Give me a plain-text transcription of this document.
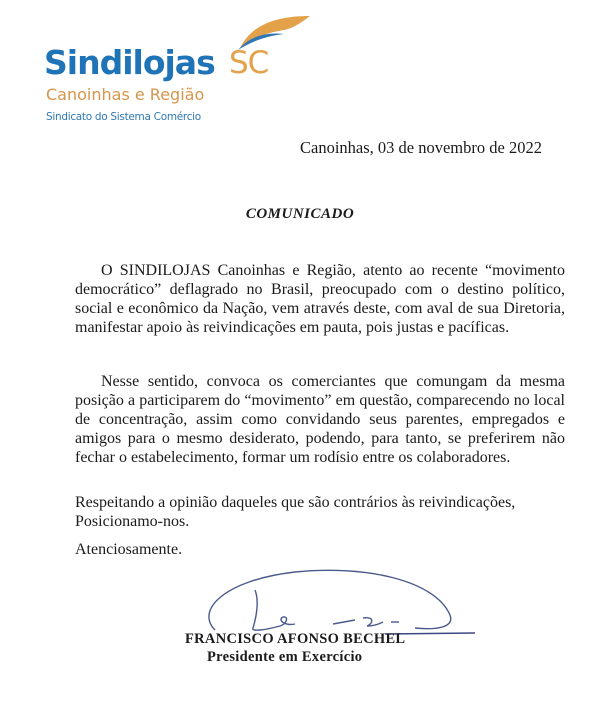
Sindilojas SC
Canoinhas e Região
Sindicato do Sistema Comércio
Canoinhas, 03 de novembro de 2022
COMUNICADO

O SINDILOJAS Canoinhas e Região, atento ao recente “movimento democrático” deflagrado no Brasil, preocupado com o destino político, social e econômico da Nação, vem através deste, com aval de sua Diretoria, manifestar apoio às reivindicações em pauta, pois justas e pacíficas.

Nesse sentido, convoca os comerciantes que comungam da mesma posição a participarem do “movimento” em questão, comparecendo no local de concentração, assim como convidando seus parentes, empregados e amigos para o mesmo desiderato, podendo, para tanto, se preferirem não fechar o estabelecimento, formar um rodísio entre os colaboradores.

Respeitando a opinião daqueles que são contrários às reivindicações, Posicionamo-nos.

Atenciosamente.
FRANCISCO AFONSO BECHEL
Presidente em Exercício
